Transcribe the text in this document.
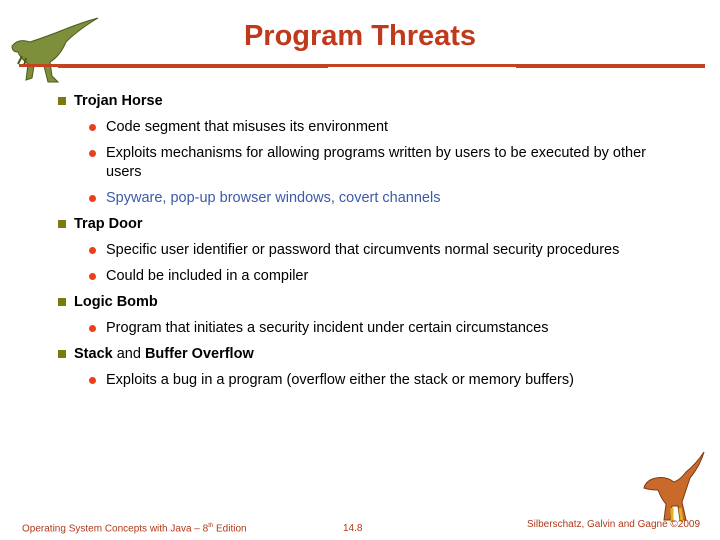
Program Threats
Trojan Horse
Code segment that misuses its environment
Exploits mechanisms for allowing programs written by users to be executed by other users
Spyware, pop-up browser windows, covert channels
Trap Door
Specific user identifier or password that circumvents normal security procedures
Could be included in a compiler
Logic Bomb
Program that initiates a security incident under certain circumstances
Stack and Buffer Overflow
Exploits a bug in a program (overflow either the stack or memory buffers)
Operating System Concepts with Java – 8th Edition	14.8	Silberschatz, Galvin and Gagne ©2009
